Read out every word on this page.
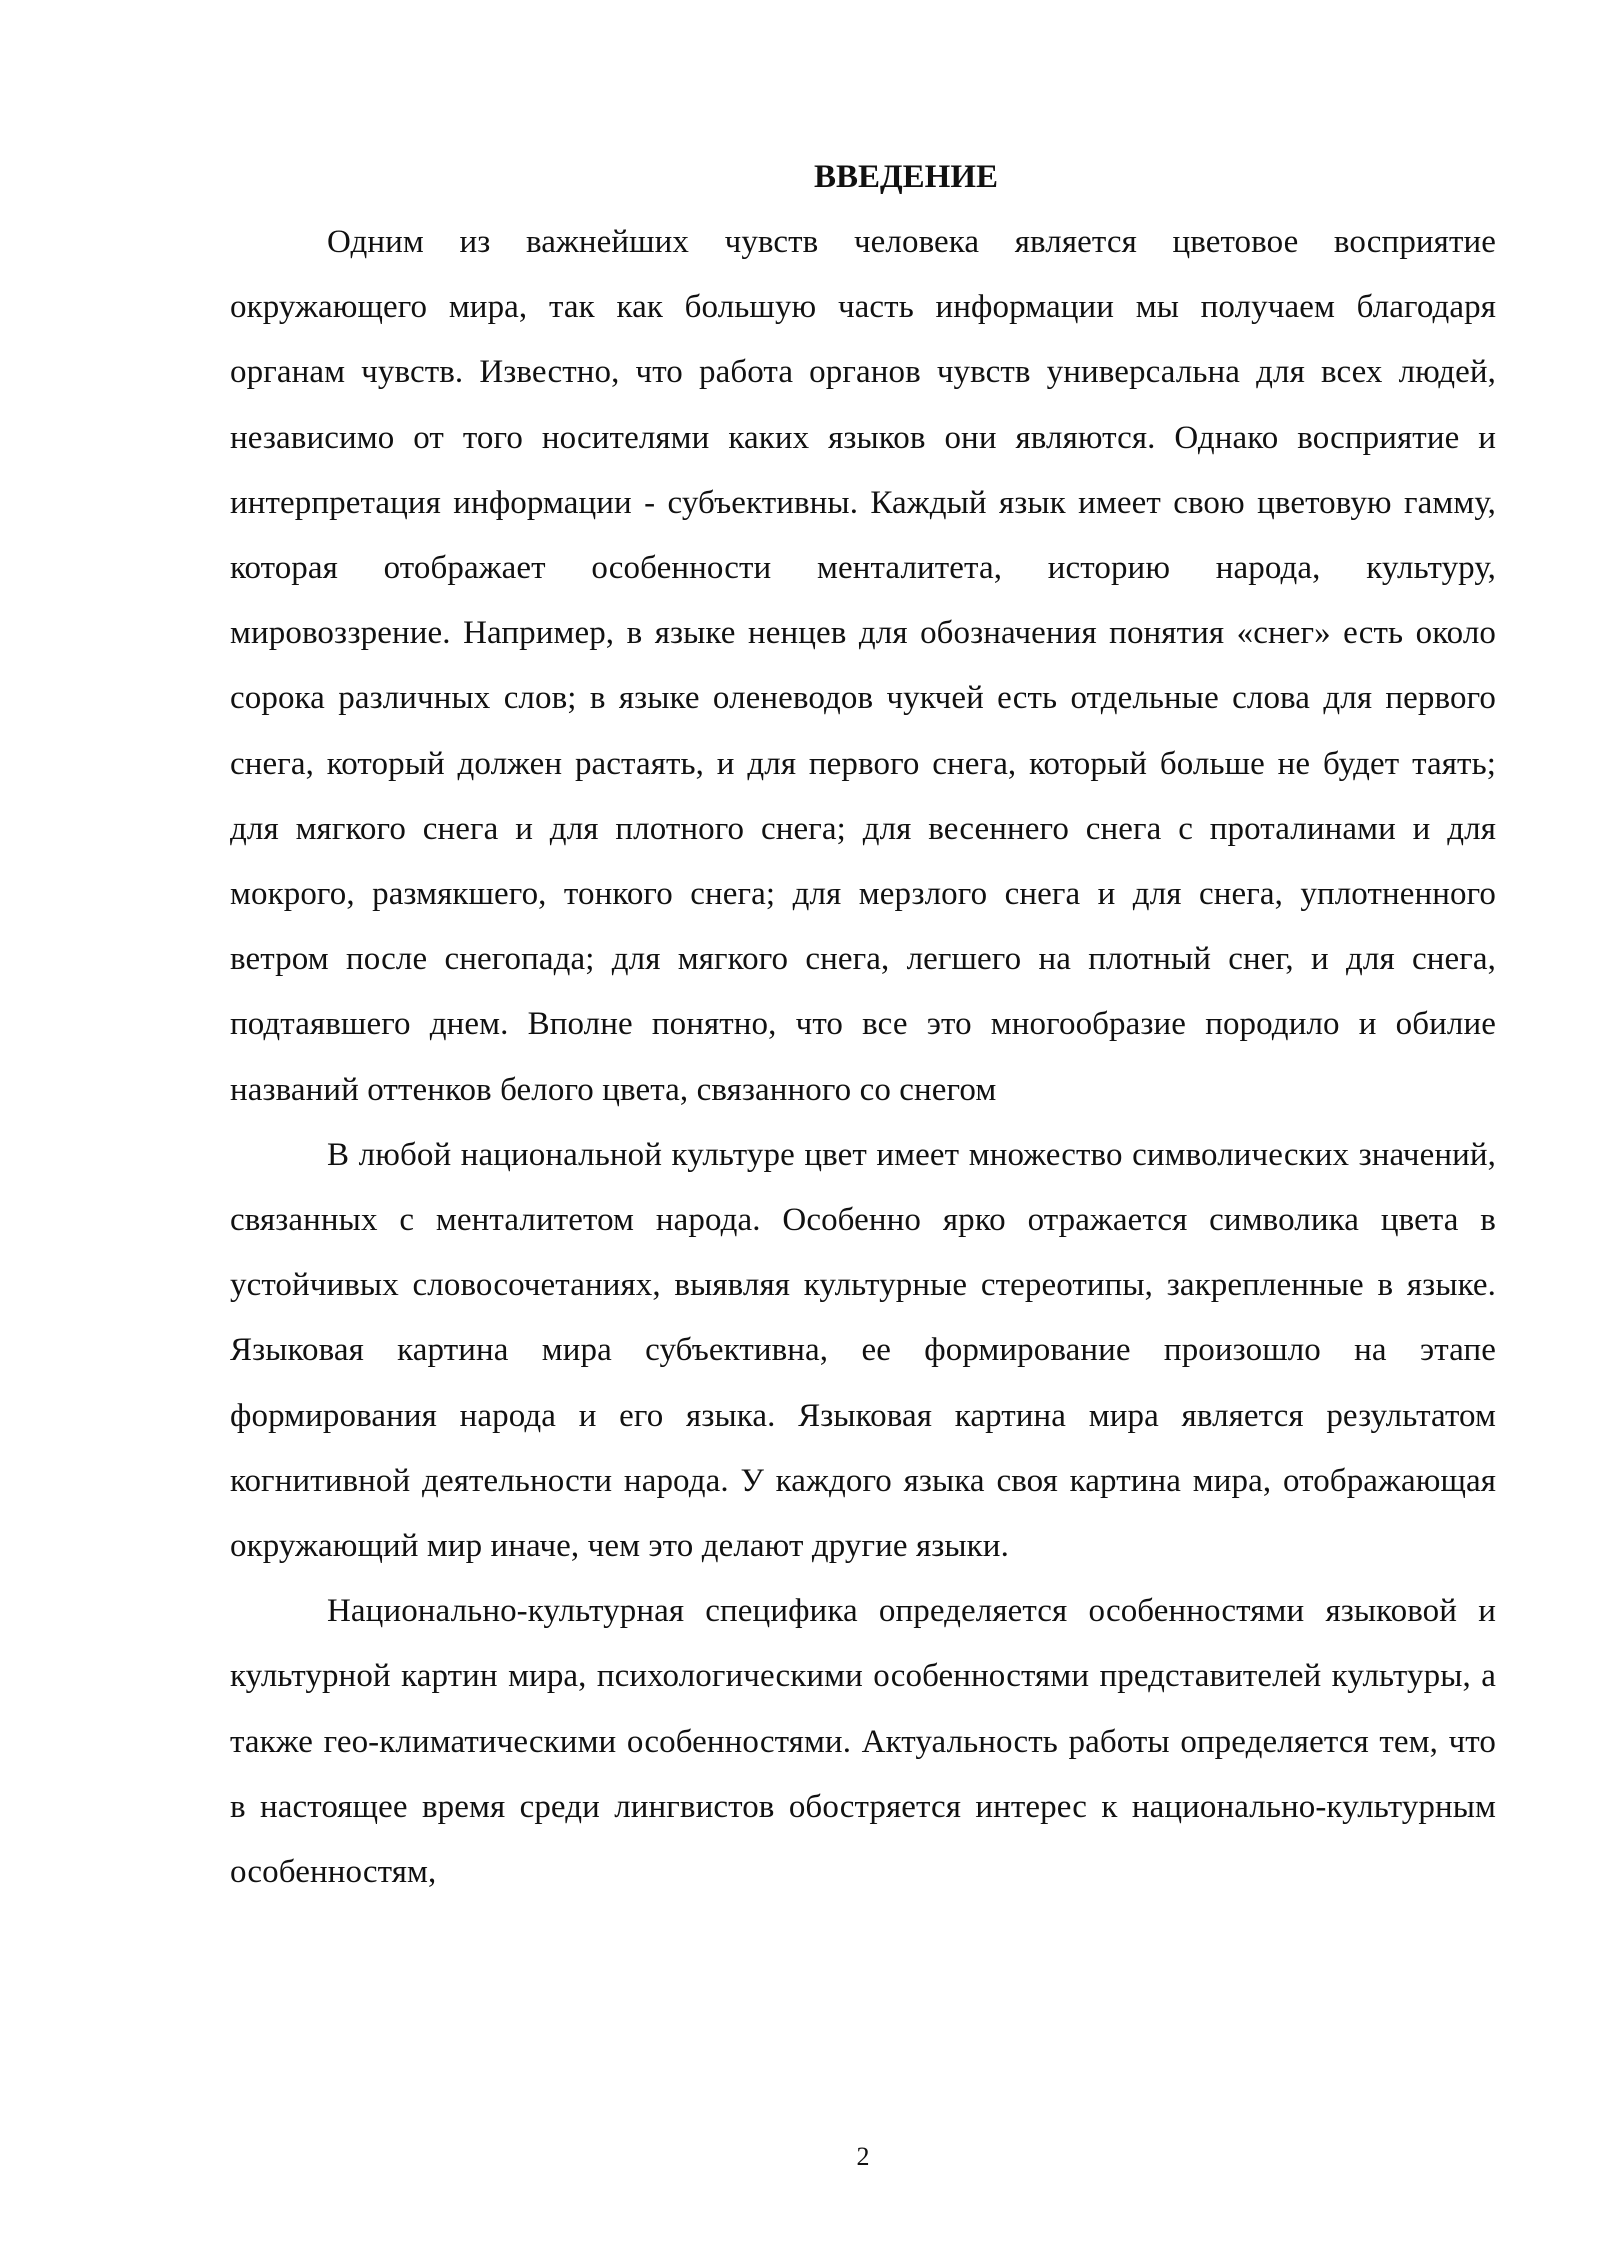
ВВЕДЕНИЕ

Одним из важнейших чувств человека является цветовое восприятие окружающего мира, так как большую часть информации мы получаем благодаря органам чувств. Известно, что работа органов чувств универсальна для всех людей, независимо от того носителями каких языков они являются. Однако восприятие и интерпретация информации - субъективны. Каждый язык имеет свою цветовую гамму, которая отображает особенности менталитета, историю народа, культуру, мировоззрение. Например, в языке ненцев для обозначения понятия «снег» есть около сорока различных слов; в языке оленеводов чукчей есть отдельные слова для первого снега, который должен растаять, и для первого снега, который больше не будет таять; для мягкого снега и для плотного снега; для весеннего снега с проталинами и для мокрого, размякшего, тонкого снега; для мерзлого снега и для снега, уплотненного ветром после снегопада; для мягкого снега, легшего на плотный снег, и для снега, подтаявшего днем. Вполне понятно, что все это многообразие породило и обилие названий оттенков белого цвета, связанного со снегом

В любой национальной культуре цвет имеет множество символических значений, связанных с менталитетом народа. Особенно ярко отражается символика цвета в устойчивых словосочетаниях, выявляя культурные стереотипы, закрепленные в языке. Языковая картина мира субъективна, ее формирование произошло на этапе формирования народа и его языка. Языковая картина мира является результатом когнитивной деятельности народа. У каждого языка своя картина мира, отображающая окружающий мир иначе, чем это делают другие языки.

Национально-культурная специфика определяется особенностями языковой и культурной картин мира, психологическими особенностями представителей культуры, а также гео-климатическими особенностями. Актуальность работы определяется тем, что в настоящее время среди лингвистов обостряется интерес к национально-культурным особенностям,

2
